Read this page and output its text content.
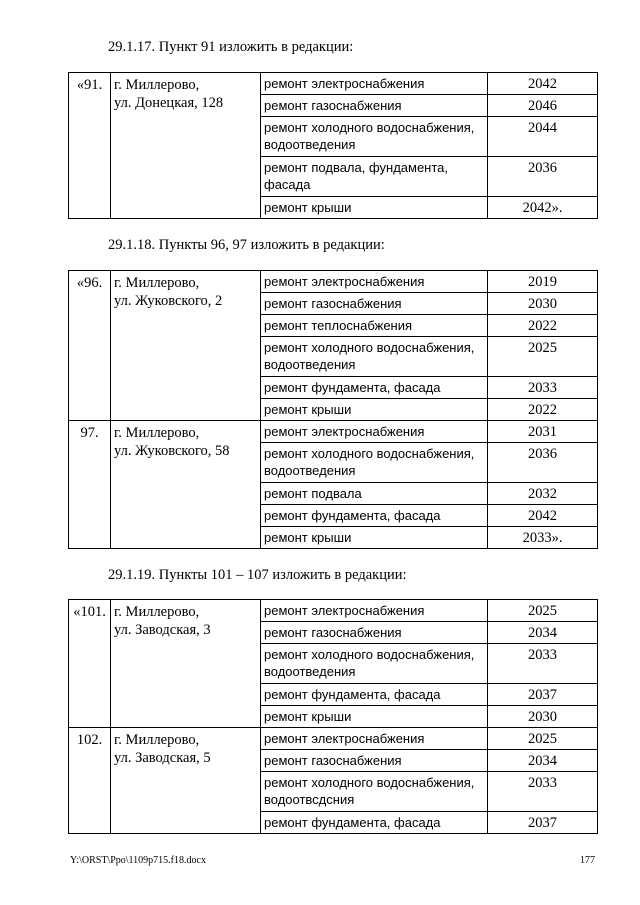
29.1.17. Пункт 91 изложить в редакции:
«91.	г. Миллерово,
ул. Донецкая, 128	ремонт электроснабжения	2042

		ремонт газоснабжения	2046

		ремонт холодного водоснабжения,
водоотведения	2044

		ремонт подвала, фундамента,
фасада	2036

		ремонт крыши	2042».
29.1.18. Пункты 96, 97 изложить в редакции:
«96.	г. Миллерово,
ул. Жуковского, 2	ремонт электроснабжения	2019

		ремонт газоснабжения	2030

		ремонт теплоснабжения	2022

		ремонт холодного водоснабжения,
водоотведения	2025

		ремонт фундамента, фасада	2033

		ремонт крыши	2022
97.	г. Миллерово,
ул. Жуковского, 58	ремонт электроснабжения	2031

		ремонт холодного водоснабжения,
водоотведения	2036

		ремонт подвала	2032

		ремонт фундамента, фасада	2042

		ремонт крыши	2033».
29.1.19. Пункты 101 – 107 изложить в редакции:
«101.	г. Миллерово,
ул. Заводская, 3	ремонт электроснабжения	2025

		ремонт газоснабжения	2034

		ремонт холодного водоснабжения,
водоотведения	2033

		ремонт фундамента, фасада	2037

		ремонт крыши	2030
102.	г. Миллерово,
ул. Заводская, 5	ремонт электроснабжения	2025

		ремонт газоснабжения	2034

		ремонт холодного водоснабжения,
водоотвсдсния	2033

		ремонт фундамента, фасада	2037
Y:\ORST\Ppo\1109p715.f18.docx	177
